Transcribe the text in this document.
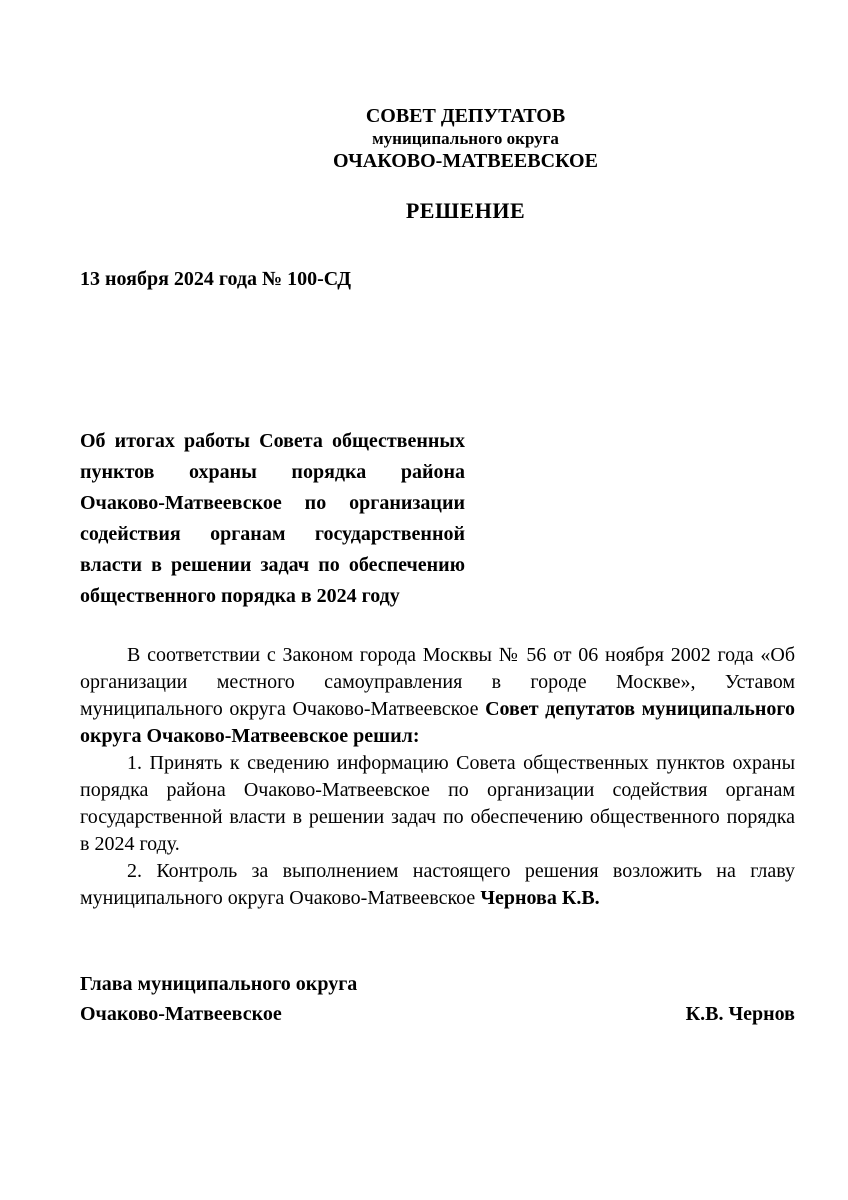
СОВЕТ ДЕПУТАТОВ
муниципального округа
ОЧАКОВО-МАТВЕЕВСКОЕ
РЕШЕНИЕ
13 ноября 2024 года № 100-СД
Об итогах работы Совета общественных
пунктов охраны порядка района
Очаково-Матвеевское по организации
содействия органам государственной
власти в решении задач по обеспечению
общественного порядка в 2024 году
В соответствии с Законом города Москвы № 56 от 06 ноября 2002 года «Об
организации местного самоуправления в городе Москве», Уставом
муниципального округа Очаково-Матвеевское Совет депутатов муниципального
округа Очаково-Матвеевское решил:
1. Принять к сведению информацию Совета общественных пунктов охраны
порядка района Очаково-Матвеевское по организации содействия органам
государственной власти в решении задач по обеспечению общественного порядка
в 2024 году.
2. Контроль за выполнением настоящего решения возложить на главу
муниципального округа Очаково-Матвеевское Чернова К.В.
Глава муниципального округа
Очаково-Матвеевское	К.В. Чернов
